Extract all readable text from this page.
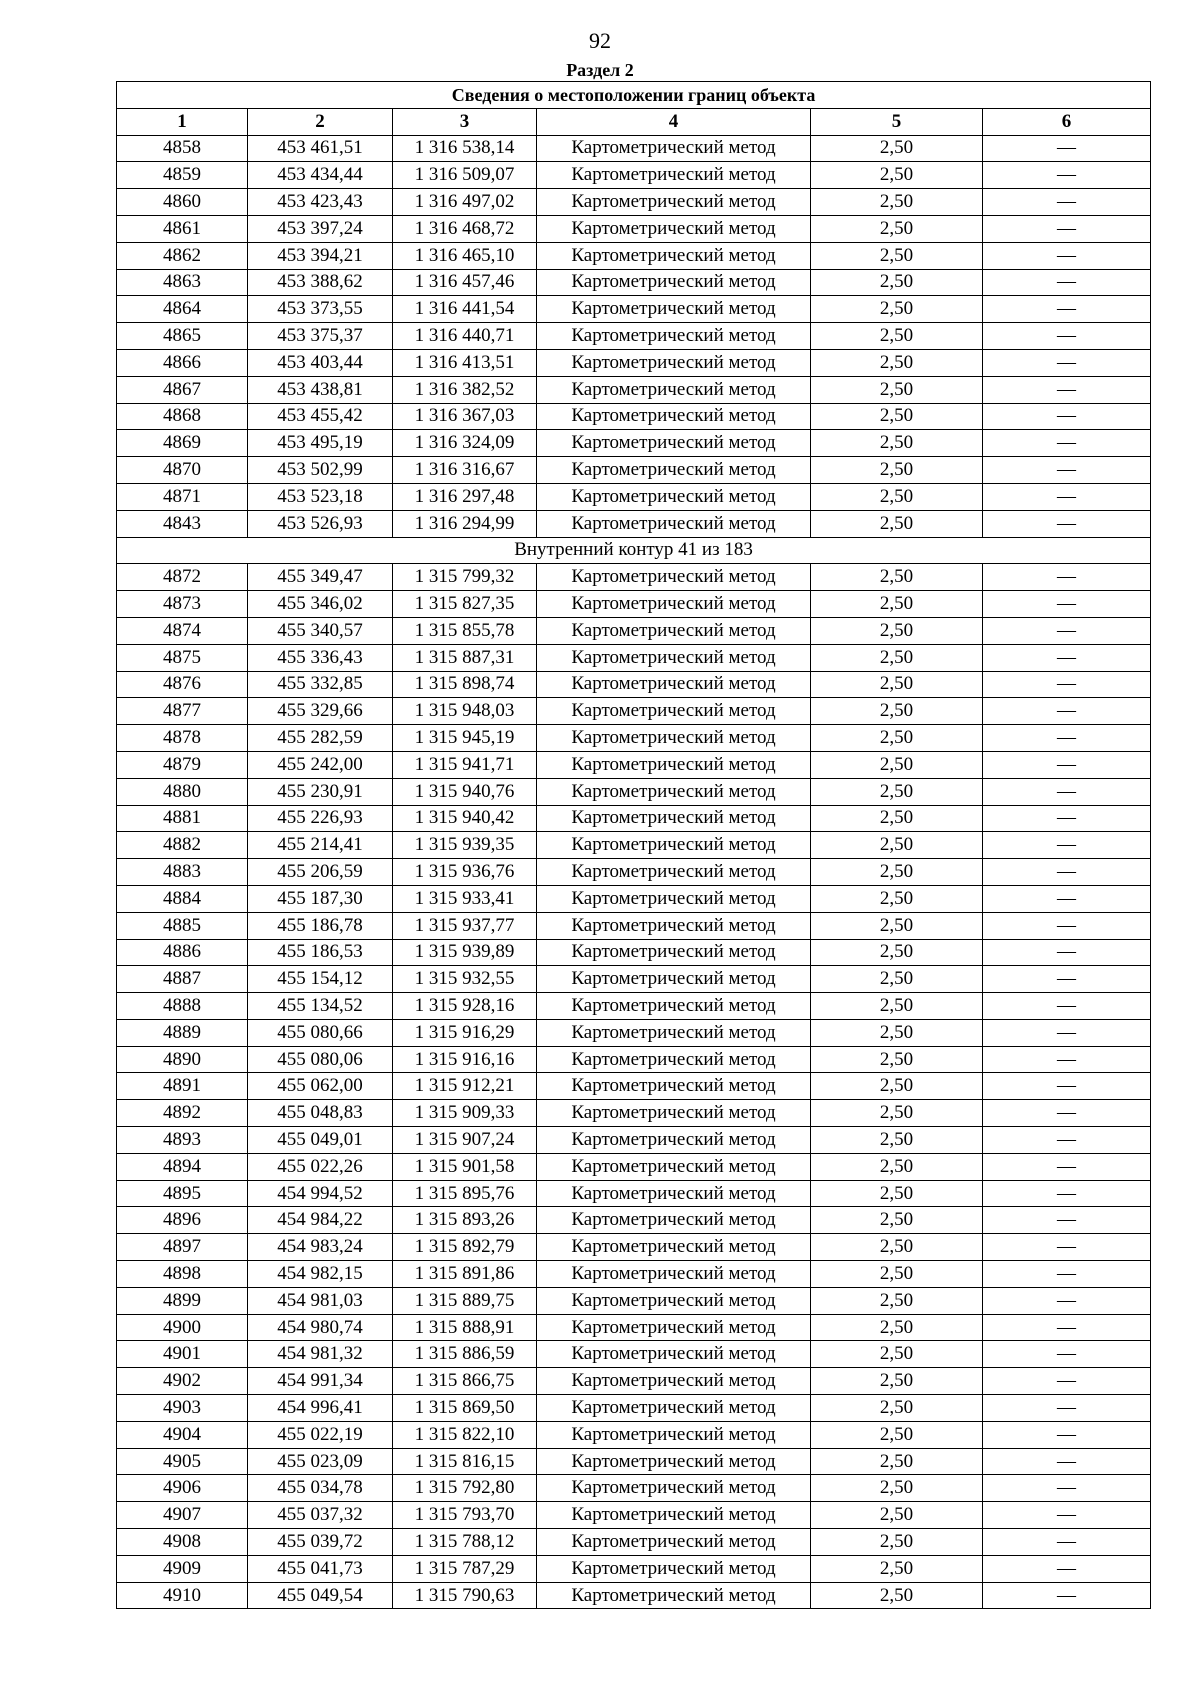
92
Раздел 2
Сведения о местоположении границ объекта					
1	2	3	4	5	6
4858	453 461,51	1 316 538,14	Картометрический метод	2,50	—
4859	453 434,44	1 316 509,07	Картометрический метод	2,50	—
4860	453 423,43	1 316 497,02	Картометрический метод	2,50	—
4861	453 397,24	1 316 468,72	Картометрический метод	2,50	—
4862	453 394,21	1 316 465,10	Картометрический метод	2,50	—
4863	453 388,62	1 316 457,46	Картометрический метод	2,50	—
4864	453 373,55	1 316 441,54	Картометрический метод	2,50	—
4865	453 375,37	1 316 440,71	Картометрический метод	2,50	—
4866	453 403,44	1 316 413,51	Картометрический метод	2,50	—
4867	453 438,81	1 316 382,52	Картометрический метод	2,50	—
4868	453 455,42	1 316 367,03	Картометрический метод	2,50	—
4869	453 495,19	1 316 324,09	Картометрический метод	2,50	—
4870	453 502,99	1 316 316,67	Картометрический метод	2,50	—
4871	453 523,18	1 316 297,48	Картометрический метод	2,50	—
4843	453 526,93	1 316 294,99	Картометрический метод	2,50	—
Внутренний контур 41 из 183					
4872	455 349,47	1 315 799,32	Картометрический метод	2,50	—
4873	455 346,02	1 315 827,35	Картометрический метод	2,50	—
4874	455 340,57	1 315 855,78	Картометрический метод	2,50	—
4875	455 336,43	1 315 887,31	Картометрический метод	2,50	—
4876	455 332,85	1 315 898,74	Картометрический метод	2,50	—
4877	455 329,66	1 315 948,03	Картометрический метод	2,50	—
4878	455 282,59	1 315 945,19	Картометрический метод	2,50	—
4879	455 242,00	1 315 941,71	Картометрический метод	2,50	—
4880	455 230,91	1 315 940,76	Картометрический метод	2,50	—
4881	455 226,93	1 315 940,42	Картометрический метод	2,50	—
4882	455 214,41	1 315 939,35	Картометрический метод	2,50	—
4883	455 206,59	1 315 936,76	Картометрический метод	2,50	—
4884	455 187,30	1 315 933,41	Картометрический метод	2,50	—
4885	455 186,78	1 315 937,77	Картометрический метод	2,50	—
4886	455 186,53	1 315 939,89	Картометрический метод	2,50	—
4887	455 154,12	1 315 932,55	Картометрический метод	2,50	—
4888	455 134,52	1 315 928,16	Картометрический метод	2,50	—
4889	455 080,66	1 315 916,29	Картометрический метод	2,50	—
4890	455 080,06	1 315 916,16	Картометрический метод	2,50	—
4891	455 062,00	1 315 912,21	Картометрический метод	2,50	—
4892	455 048,83	1 315 909,33	Картометрический метод	2,50	—
4893	455 049,01	1 315 907,24	Картометрический метод	2,50	—
4894	455 022,26	1 315 901,58	Картометрический метод	2,50	—
4895	454 994,52	1 315 895,76	Картометрический метод	2,50	—
4896	454 984,22	1 315 893,26	Картометрический метод	2,50	—
4897	454 983,24	1 315 892,79	Картометрический метод	2,50	—
4898	454 982,15	1 315 891,86	Картометрический метод	2,50	—
4899	454 981,03	1 315 889,75	Картометрический метод	2,50	—
4900	454 980,74	1 315 888,91	Картометрический метод	2,50	—
4901	454 981,32	1 315 886,59	Картометрический метод	2,50	—
4902	454 991,34	1 315 866,75	Картометрический метод	2,50	—
4903	454 996,41	1 315 869,50	Картометрический метод	2,50	—
4904	455 022,19	1 315 822,10	Картометрический метод	2,50	—
4905	455 023,09	1 315 816,15	Картометрический метод	2,50	—
4906	455 034,78	1 315 792,80	Картометрический метод	2,50	—
4907	455 037,32	1 315 793,70	Картометрический метод	2,50	—
4908	455 039,72	1 315 788,12	Картометрический метод	2,50	—
4909	455 041,73	1 315 787,29	Картометрический метод	2,50	—
4910	455 049,54	1 315 790,63	Картометрический метод	2,50	—
